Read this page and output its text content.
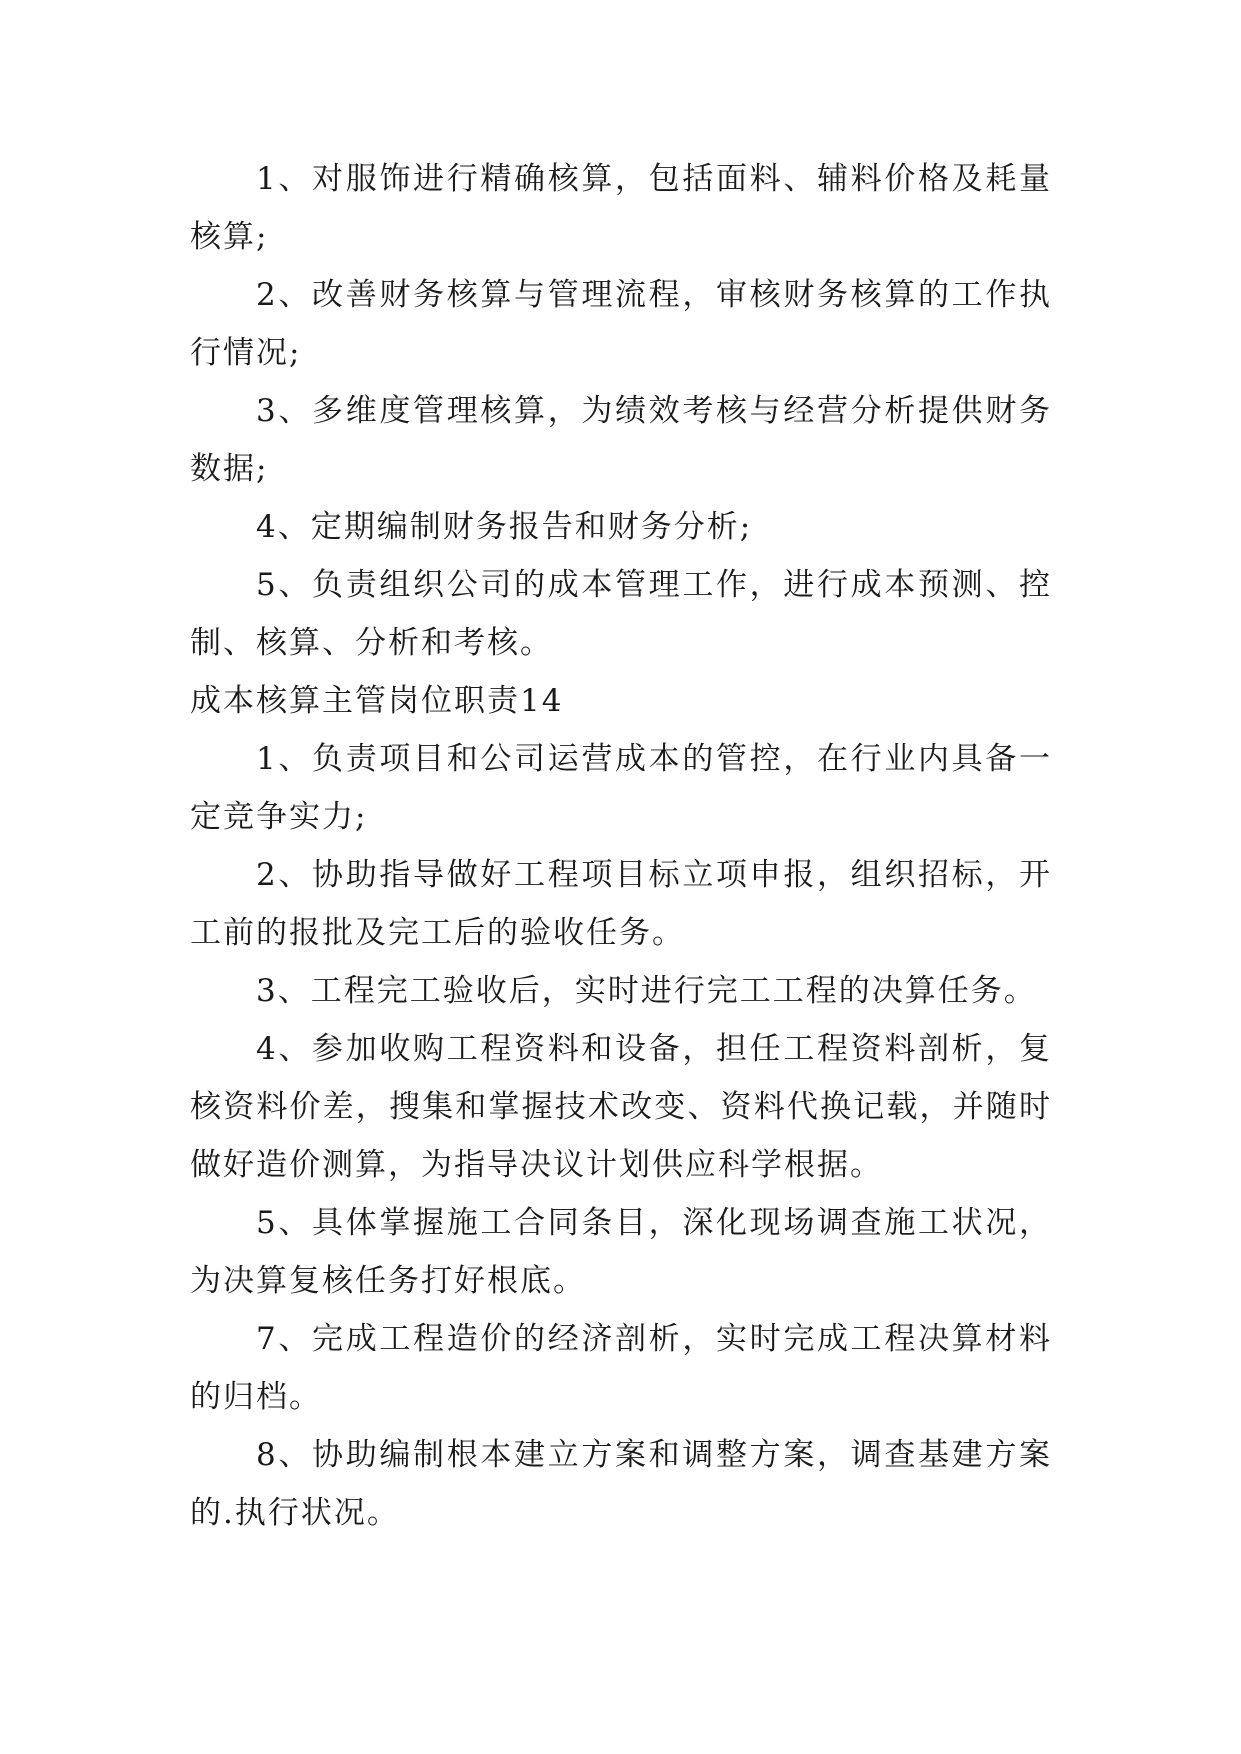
1、对服饰进行精确核算，包括面料、辅料价格及耗量核算;

2、改善财务核算与管理流程，审核财务核算的工作执行情况;

3、多维度管理核算，为绩效考核与经营分析提供财务数据;

4、定期编制财务报告和财务分析;

5、负责组织公司的成本管理工作，进行成本预测、控制、核算、分析和考核。

成本核算主管岗位职责14

1、负责项目和公司运营成本的管控，在行业内具备一定竞争实力;

2、协助指导做好工程项目标立项申报，组织招标，开工前的报批及完工后的验收任务。

3、工程完工验收后，实时进行完工工程的决算任务。

4、参加收购工程资料和设备，担任工程资料剖析，复核资料价差，搜集和掌握技术改变、资料代换记载，并随时做好造价测算，为指导决议计划供应科学根据。

5、具体掌握施工合同条目，深化现场调查施工状况，为决算复核任务打好根底。

7、完成工程造价的经济剖析，实时完成工程决算材料的归档。

8、协助编制根本建立方案和调整方案，调查基建方案的.执行状况。
